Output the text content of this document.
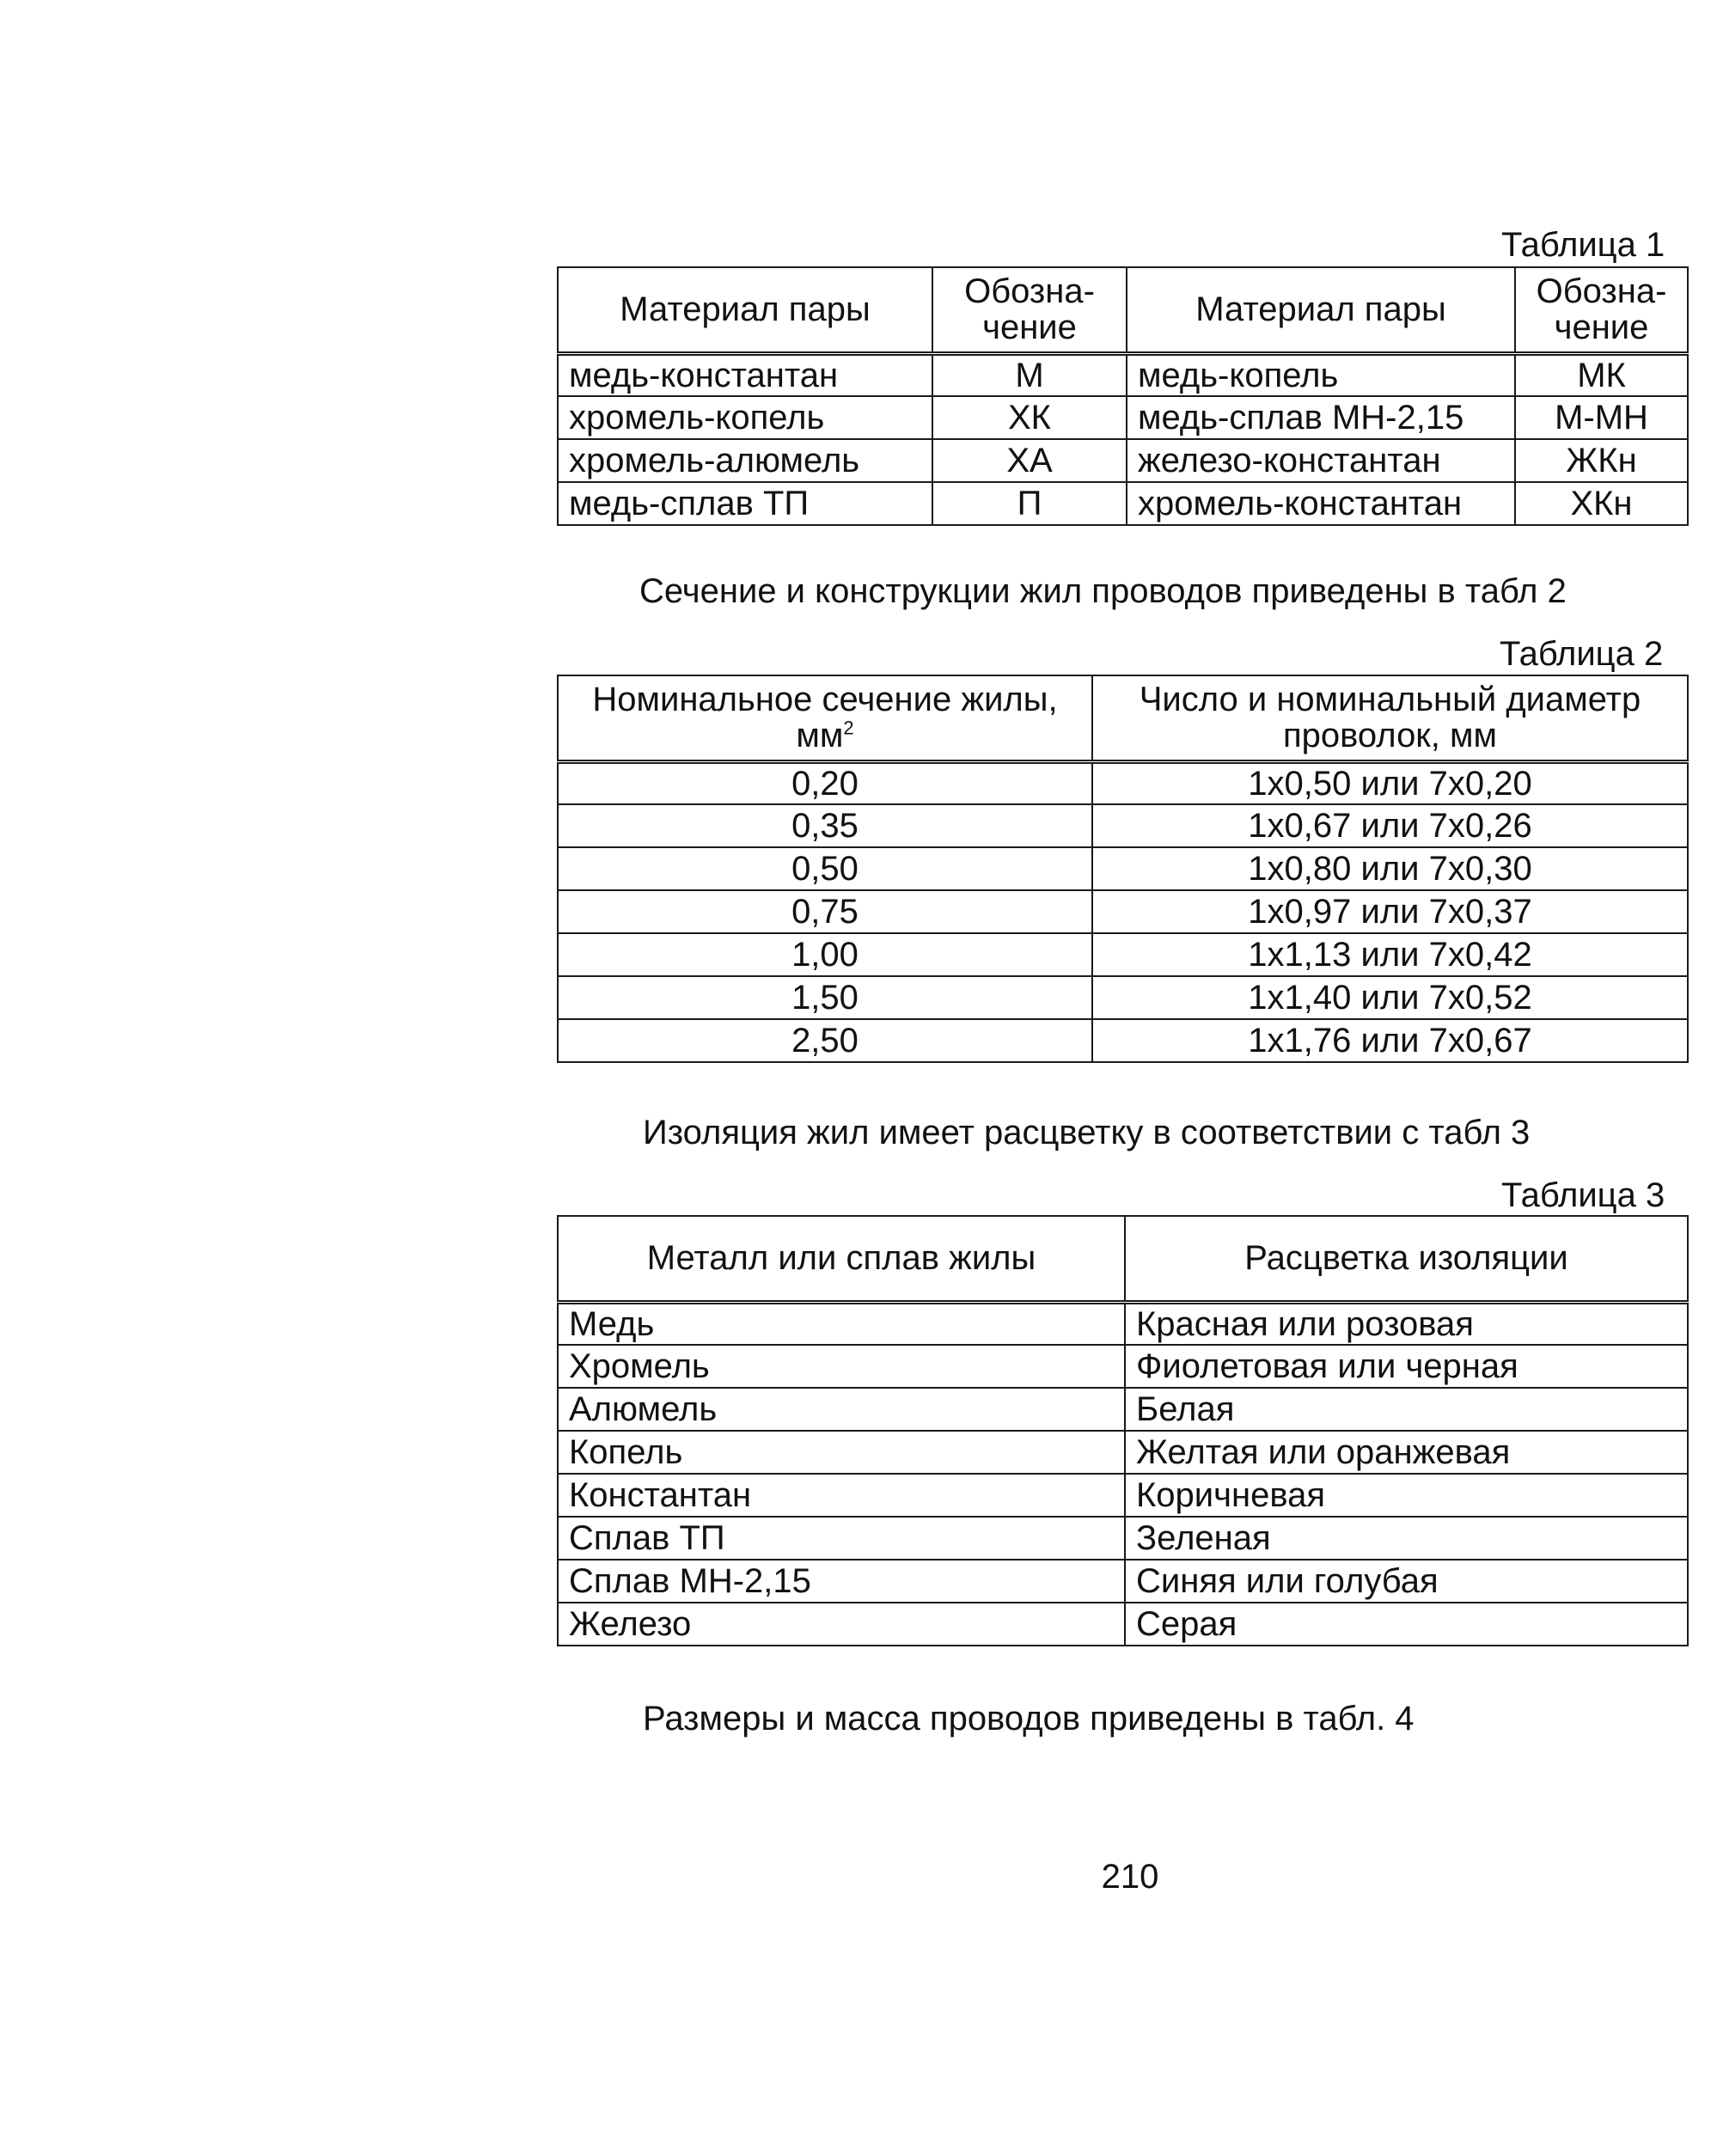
Таблица 1
Материал пары	Обозна-чение	Материал пары	Обозна-чение
медь-константан	М	медь-копель	МК
хромель-копель	ХК	медь-сплав МН-2,15	М-МН
хромель-алюмель	ХА	железо-константан	ЖКн
медь-сплав ТП	П	хромель-константан	ХКн
Сечение и конструкции жил проводов приведены в табл 2
Таблица 2
Номинальное сечение жилы, $мм^2$	Число и номинальный диаметр проволок, мм
0,20	1х0,50 или 7х0,20
0,35	1х0,67 или 7х0,26
0,50	1х0,80 или 7х0,30
0,75	1х0,97 или 7х0,37
1,00	1х1,13 или 7х0,42
1,50	1х1,40 или 7х0,52
2,50	1х1,76 или 7х0,67
Изоляция жил имеет расцветку в соответствии с табл 3
Таблица 3
Металл или сплав жилы	Расцветка изоляции
Медь	Красная или розовая
Хромель	Фиолетовая или черная
Алюмель	Белая
Копель	Желтая или оранжевая
Константан	Коричневая
Сплав ТП	Зеленая
Сплав МН-2,15	Синяя или голубая
Железо	Серая
Размеры и масса проводов приведены в табл. 4
210
